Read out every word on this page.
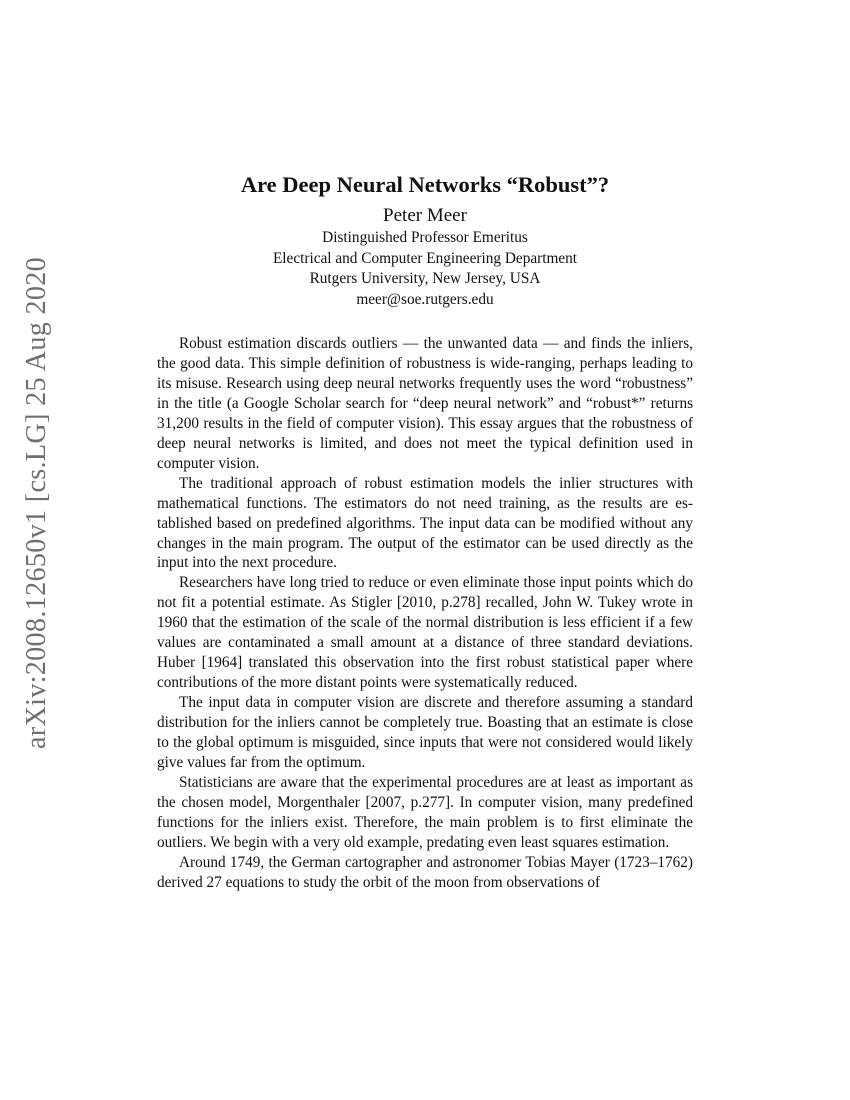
arXiv:2008.12650v1 [cs.LG] 25 Aug 2020
Are Deep Neural Networks “Robust”?
Peter Meer
Distinguished Professor Emeritus
Electrical and Computer Engineering Department
Rutgers University, New Jersey, USA
meer@soe.rutgers.edu

Robust estimation discards outliers — the unwanted data — and finds the inliers, the good data. This simple definition of robustness is wide-ranging, perhaps leading to its misuse. Research using deep neural networks frequently uses the word “robustness” in the title (a Google Scholar search for “deep neural network” and “robust*” returns 31,200 results in the field of computer vision). This essay argues that the robustness of deep neural networks is limited, and does not meet the typical definition used in computer vision.

The traditional approach of robust estimation models the inlier structures with mathematical functions. The estimators do not need training, as the results are established based on predefined algorithms. The input data can be modified without any changes in the main program. The output of the estimator can be used directly as the input into the next procedure.

Researchers have long tried to reduce or even eliminate those input points which do not fit a potential estimate. As Stigler [2010, p.278] recalled, John W. Tukey wrote in 1960 that the estimation of the scale of the normal distribution is less efficient if a few values are contaminated a small amount at a distance of three standard deviations. Huber [1964] translated this observation into the first robust statistical paper where contributions of the more distant points were systematically reduced.

The input data in computer vision are discrete and therefore assuming a standard distribution for the inliers cannot be completely true. Boasting that an estimate is close to the global optimum is misguided, since inputs that were not considered would likely give values far from the optimum.

Statisticians are aware that the experimental procedures are at least as important as the chosen model, Morgenthaler [2007, p.277]. In computer vision, many predefined functions for the inliers exist. Therefore, the main problem is to first eliminate the outliers. We begin with a very old example, predating even least squares estimation.

Around 1749, the German cartographer and astronomer Tobias Mayer (1723–1762) derived 27 equations to study the orbit of the moon from observations of
